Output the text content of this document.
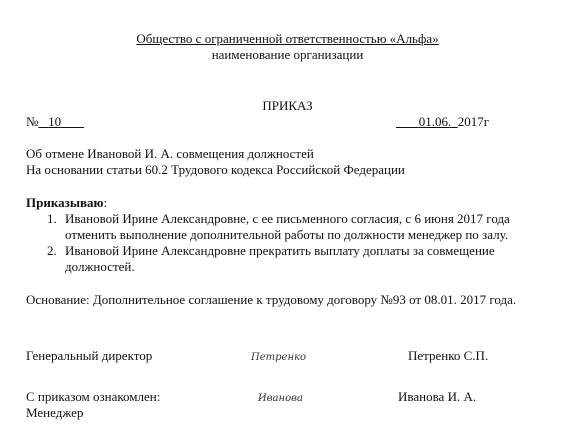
Общество с ограниченной ответственностью «Альфа»
наименование организации
ПРИКАЗ
№ 10	01.06. 2017г
Об отмене Ивановой И. А. совмещения должностей
На основании статьи 60.2 Трудового кодекса Российской Федерации
Приказываю:
1. Ивановой Ирине Александровне, с ее письменного согласия, с 6 июня 2017 года
отменить выполнение дополнительной работы по должности менеджер по залу.
2. Ивановой Ирине Александровне прекратить выплату доплаты за совмещение
должностей.
Основание: Дополнительное соглашение к трудовому договору №93 от 08.01. 2017 года.
Генеральный директор	Петренко	Петренко С.П.
С приказом ознакомлен:	Иванова	Иванова И. А.
Менеджер
